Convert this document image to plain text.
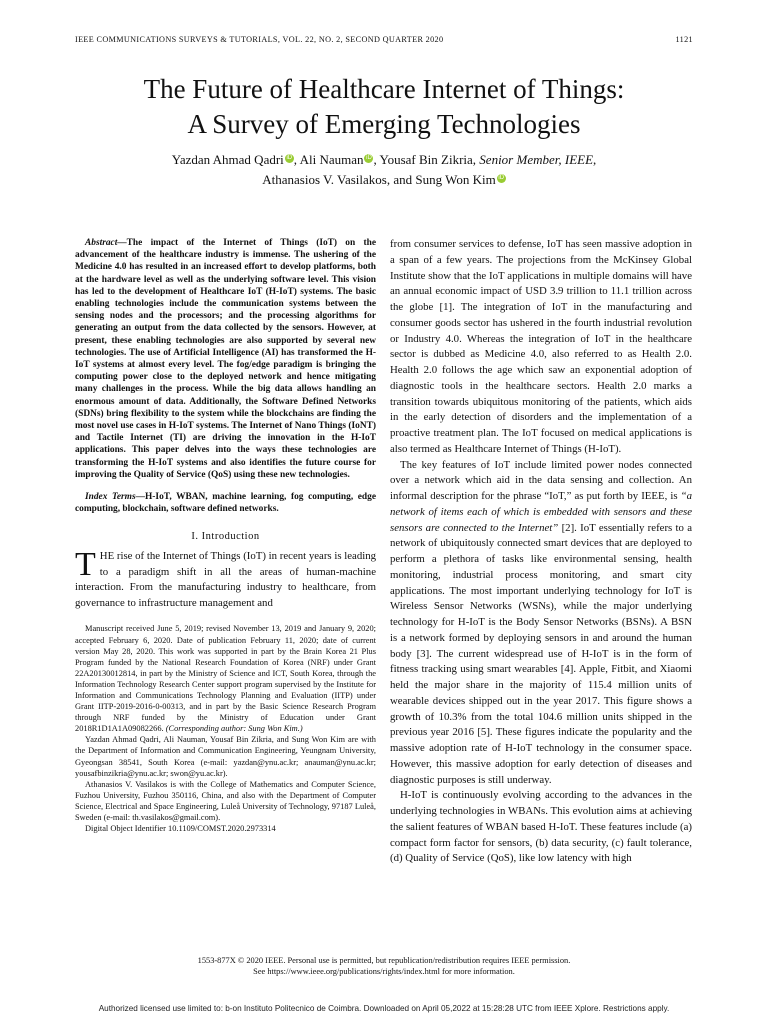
IEEE COMMUNICATIONS SURVEYS & TUTORIALS, VOL. 22, NO. 2, SECOND QUARTER 2020	1121
The Future of Healthcare Internet of Things:
A Survey of Emerging Technologies
Yazdan Ahmad Qadri iD , Ali Nauman iD , Yousaf Bin Zikria, Senior Member, IEEE,
Athanasios V. Vasilakos, and Sung Won Kim iD

Abstract—The impact of the Internet of Things (IoT) on the advancement of the healthcare industry is immense. The ushering of the Medicine 4.0 has resulted in an increased effort to develop platforms, both at the hardware level as well as the underlying software level. This vision has led to the development of Healthcare IoT (H-IoT) systems. The basic enabling technologies include the communication systems between the sensing nodes and the processors; and the processing algorithms for generating an output from the data collected by the sensors. However, at present, these enabling technologies are also supported by several new technologies. The use of Artificial Intelligence (AI) has transformed the H-IoT systems at almost every level. The fog/edge paradigm is bringing the computing power close to the deployed network and hence mitigating many challenges in the process. While the big data allows handling an enormous amount of data. Additionally, the Software Defined Networks (SDNs) bring flexibility to the system while the blockchains are finding the most novel use cases in H-IoT systems. The Internet of Nano Things (IoNT) and Tactile Internet (TI) are driving the innovation in the H-IoT applications. This paper delves into the ways these technologies are transforming the H-IoT systems and also identifies the future course for improving the Quality of Service (QoS) using these new technologies.

Index Terms—H-IoT, WBAN, machine learning, fog computing, edge computing, blockchain, software defined networks.

I. Introduction

THE rise of the Internet of Things (IoT) in recent years is leading to a paradigm shift in all the areas of human-machine interaction. From the manufacturing industry to healthcare, from governance to infrastructure management and

Manuscript received June 5, 2019; revised November 13, 2019 and January 9, 2020; accepted February 6, 2020. Date of publication February 11, 2020; date of current version May 28, 2020. This work was supported in part by the Brain Korea 21 Plus Program funded by the National Research Foundation of Korea (NRF) under Grant 22A20130012814, in part by the Ministry of Science and ICT, South Korea, through the Information Technology Research Center support program supervised by the Institute for Information and Communications Technology Planning and Evaluation (IITP) under Grant IITP-2019-2016-0-00313, and in part by the Basic Science Research Program through NRF funded by the Ministry of Education under Grant 2018R1D1A1A09082266. (Corresponding author: Sung Won Kim.)

Yazdan Ahmad Qadri, Ali Nauman, Yousaf Bin Zikria, and Sung Won Kim are with the Department of Information and Communication Engineering, Yeungnam University, Gyeongsan 38541, South Korea (e-mail: yazdan@ynu.ac.kr; anauman@ynu.ac.kr; yousafbinzikria@ynu.ac.kr; swon@yu.ac.kr).

Athanasios V. Vasilakos is with the College of Mathematics and Computer Science, Fuzhou University, Fuzhou 350116, China, and also with the Department of Computer Science, Electrical and Space Engineering, Luleå University of Technology, 97187 Luleå, Sweden (e-mail: th.vasilakos@gmail.com).

Digital Object Identifier 10.1109/COMST.2020.2973314

from consumer services to defense, IoT has seen massive adoption in a span of a few years. The projections from the McKinsey Global Institute show that the IoT applications in multiple domains will have an annual economic impact of USD 3.9 trillion to 11.1 trillion across the globe [1]. The integration of IoT in the manufacturing and consumer goods sector has ushered in the fourth industrial revolution or Industry 4.0. Whereas the integration of IoT in the healthcare sector is dubbed as Medicine 4.0, also referred to as Health 2.0. Health 2.0 follows the age which saw an exponential adoption of diagnostic tools in the healthcare sectors. Health 2.0 marks a transition towards ubiquitous monitoring of the patients, which aids in the early detection of disorders and the implementation of a proactive treatment plan. The IoT focused on medical applications is also termed as Healthcare Internet of Things (H-IoT).

The key features of IoT include limited power nodes connected over a network which aid in the data sensing and collection. An informal description for the phrase “IoT,” as put forth by IEEE, is “a network of items each of which is embedded with sensors and these sensors are connected to the Internet” [2]. IoT essentially refers to a network of ubiquitously connected smart devices that are deployed to perform a plethora of tasks like environmental sensing, health monitoring, industrial process monitoring, and smart city applications. The most important underlying technology for IoT is Wireless Sensor Networks (WSNs), while the major underlying technology for H-IoT is the Body Sensor Networks (BSNs). A BSN is a network formed by deploying sensors in and around the human body [3]. The current widespread use of H-IoT is in the form of fitness tracking using smart wearables [4]. Apple, Fitbit, and Xiaomi held the major share in the majority of 115.4 million units of wearable devices shipped out in the year 2017. This figure shows a growth of 10.3% from the total 104.6 million units shipped in the previous year 2016 [5]. These figures indicate the popularity and the massive adoption rate of H-IoT technology in the consumer space. However, this massive adoption for early detection of diseases and diagnostic purposes is still underway.

H-IoT is continuously evolving according to the advances in the underlying technologies in WBANs. This evolution aims at achieving the salient features of WBAN based H-IoT. These features include (a) compact form factor for sensors, (b) data security, (c) fault tolerance, (d) Quality of Service (QoS), like low latency with high

1553-877X © 2020 IEEE. Personal use is permitted, but republication/redistribution requires IEEE permission.
See https://www.ieee.org/publications/rights/index.html for more information.
Authorized licensed use limited to: b-on Instituto Politecnico de Coimbra. Downloaded on April 05,2022 at 15:28:28 UTC from IEEE Xplore. Restrictions apply.
